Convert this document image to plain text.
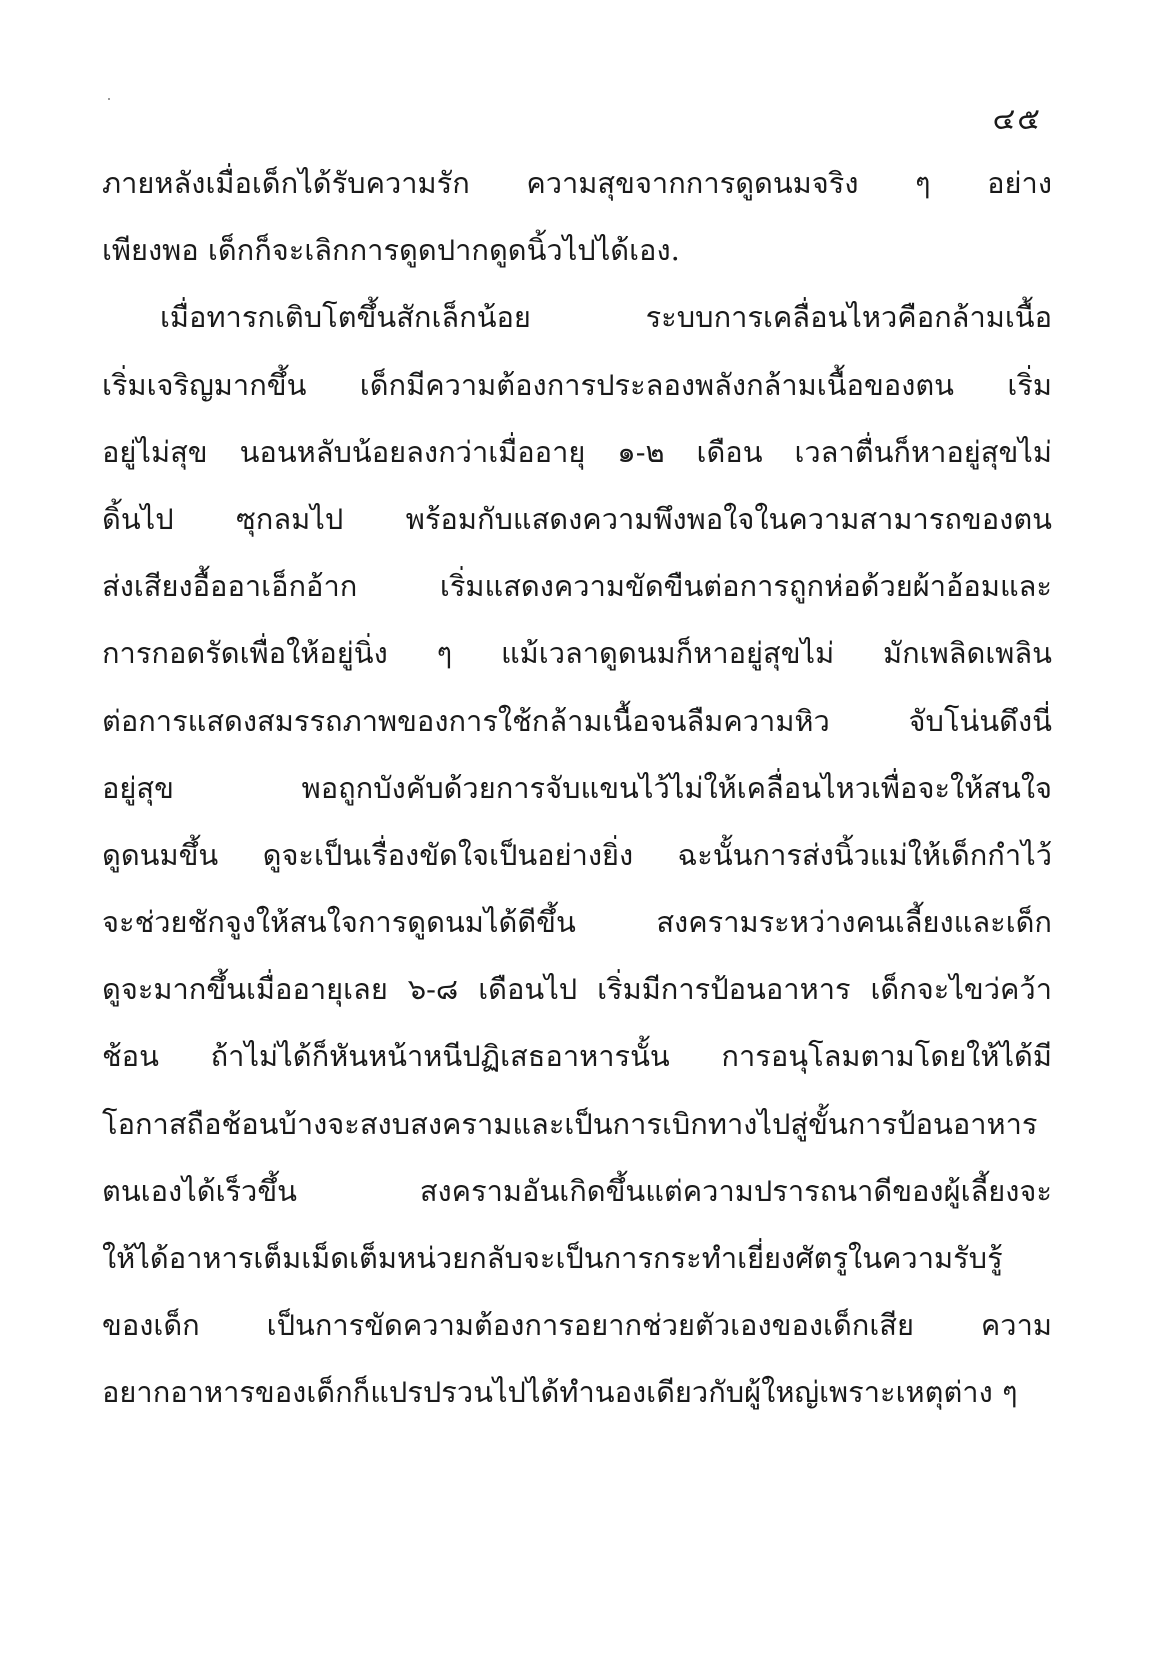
๔๕
ภายหลังเมื่อเด็กได้รับความรัก ความสุขจากการดูดนมจริง ๆ อย่าง
เพียงพอ เด็กก็จะเลิกการดูดปากดูดนิ้วไปได้เอง.
เมื่อทารกเติบโตขึ้นสักเล็กน้อย ระบบการเคลื่อนไหวคือกล้ามเนื้อ
เริ่มเจริญมากขึ้น เด็กมีความต้องการประลองพลังกล้ามเนื้อของตน เริ่ม
อยู่ไม่สุข นอนหลับน้อยลงกว่าเมื่ออายุ ๑-๒ เดือน เวลาตื่นก็หาอยู่สุขไม่
ดิ้นไป ซุกลมไป พร้อมกับแสดงความพึงพอใจในความสามารถของตน
ส่งเสียงอื้ออาเอ็กอ้าก เริ่มแสดงความขัดขืนต่อการถูกห่อด้วยผ้าอ้อมและ
การกอดรัดเพื่อให้อยู่นิ่ง ๆ แม้เวลาดูดนมก็หาอยู่สุขไม่ มักเพลิดเพลิน
ต่อการแสดงสมรรถภาพของการใช้กล้ามเนื้อจนลืมความหิว จับโน่นดึงนี่
อยู่สุข พอถูกบังคับด้วยการจับแขนไว้ไม่ให้เคลื่อนไหวเพื่อจะให้สนใจ
ดูดนมขึ้น ดูจะเป็นเรื่องขัดใจเป็นอย่างยิ่ง ฉะนั้นการส่งนิ้วแม่ให้เด็กกำไว้
จะช่วยชักจูงให้สนใจการดูดนมได้ดีขึ้น สงครามระหว่างคนเลี้ยงและเด็ก
ดูจะมากขึ้นเมื่ออายุเลย ๖-๘ เดือนไป เริ่มมีการป้อนอาหาร เด็กจะไขว่คว้า
ช้อน ถ้าไม่ได้ก็หันหน้าหนีปฏิเสธอาหารนั้น การอนุโลมตามโดยให้ได้มี
โอกาสถือช้อนบ้างจะสงบสงครามและเป็นการเบิกทางไปสู่ขั้นการป้อนอาหาร
ตนเองได้เร็วขึ้น สงครามอันเกิดขึ้นแต่ความปรารถนาดีของผู้เลี้ยงจะ
ให้ได้อาหารเต็มเม็ดเต็มหน่วยกลับจะเป็นการกระทำเยี่ยงศัตรูในความรับรู้
ของเด็ก เป็นการขัดความต้องการอยากช่วยตัวเองของเด็กเสีย ความ
อยากอาหารของเด็กก็แปรปรวนไปได้ทำนองเดียวกับผู้ใหญ่เพราะเหตุต่าง ๆ
